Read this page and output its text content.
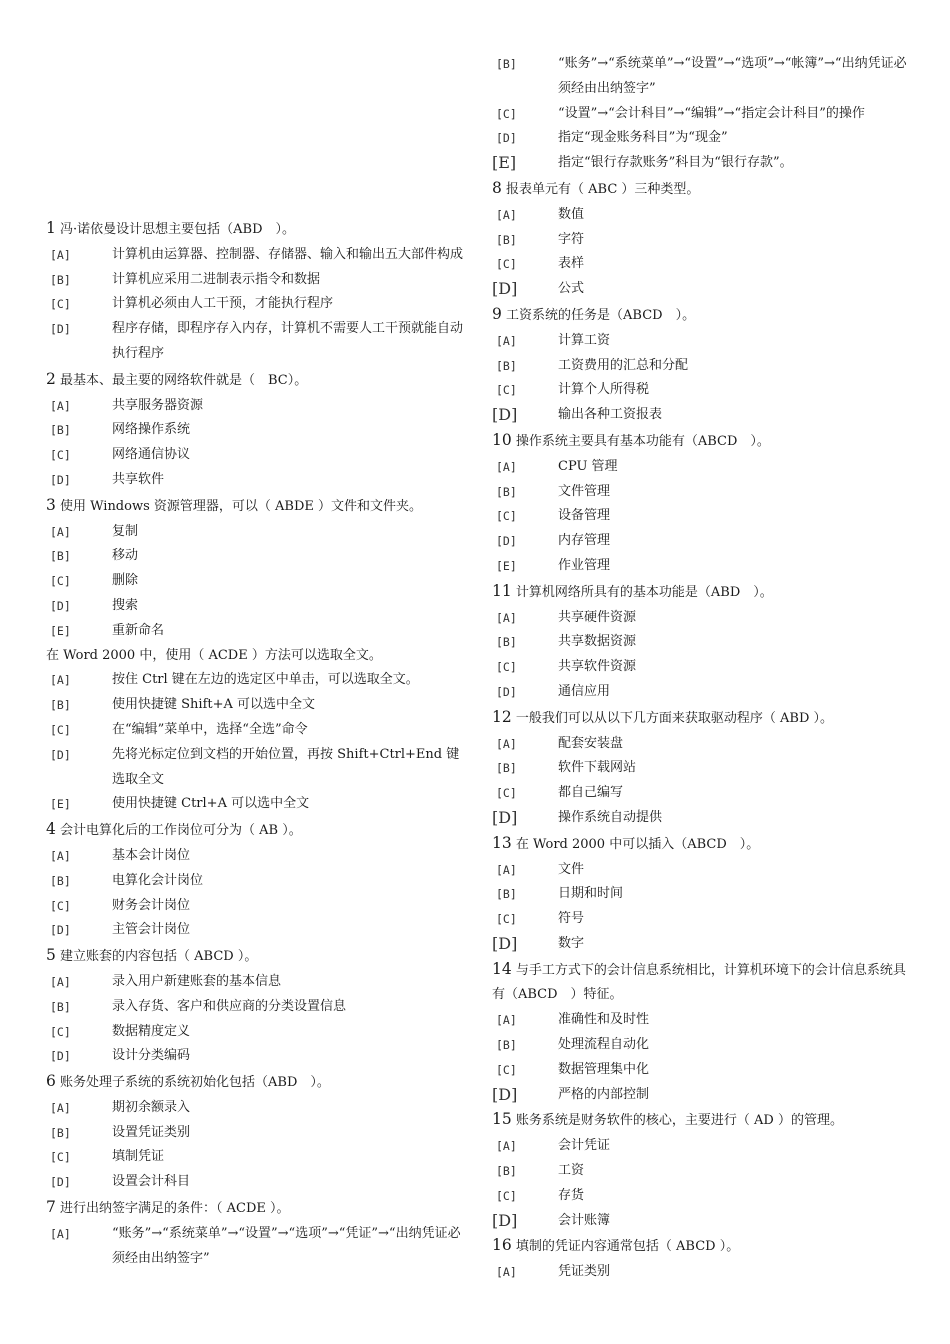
1 冯·诺依曼设计思想主要包括（ABD　）。
[A]	计算机由运算器、控制器、存储器、输入和输出五大部件构成
[B]	计算机应采用二进制表示指令和数据
[C]	计算机必须由人工干预，才能执行程序
[D]	程序存储，即程序存入内存，计算机不需要人工干预就能自动执行程序
2 最基本、最主要的网络软件就是（　BC）。
[A]	共享服务器资源
[B]	网络操作系统
[C]	网络通信协议
[D]	共享软件
3 使用 Windows 资源管理器，可以（ ABDE ）文件和文件夹。
[A]	复制
[B]	移动
[C]	删除
[D]	搜索
[E]	重新命名
在 Word 2000 中，使用（ ACDE ）方法可以选取全文。
[A]	按住 Ctrl 键在左边的选定区中单击，可以选取全文。
[B]	使用快捷键 Shift+A 可以选中全文
[C]	在“编辑”菜单中，选择“全选”命令
[D]	先将光标定位到文档的开始位置，再按 Shift+Ctrl+End 键选取全文
[E]	使用快捷键 Ctrl+A 可以选中全文
4 会计电算化后的工作岗位可分为（ AB ）。
[A]	基本会计岗位
[B]	电算化会计岗位
[C]	财务会计岗位
[D]	主管会计岗位
5 建立账套的内容包括（ ABCD ）。
[A]	录入用户新建账套的基本信息
[B]	录入存货、客户和供应商的分类设置信息
[C]	数据精度定义
[D]	设计分类编码
6 账务处理子系统的系统初始化包括（ABD　）。
[A]	期初余额录入
[B]	设置凭证类别
[C]	填制凭证
[D]	设置会计科目
7 进行出纳签字满足的条件：（ ACDE ）。
[A]	“账务”→“系统菜单”→“设置”→“选项”→“凭证”→“出纳凭证必须经由出纳签字”
[B]	“账务”→“系统菜单”→“设置”→“选项”→“帐簿”→“出纳凭证必须经由出纳签字”
[C]	“设置”→“会计科目”→“编辑”→“指定会计科目”的操作
[D]	指定“现金账务科目”为“现金”
[E]	指定“银行存款账务”科目为“银行存款”。
8 报表单元有（ ABC ）三种类型。
[A]	数值
[B]	字符
[C]	表样
[D]	公式
9 工资系统的任务是（ABCD　）。
[A]	计算工资
[B]	工资费用的汇总和分配
[C]	计算个人所得税
[D]	输出各种工资报表
10 操作系统主要具有基本功能有（ABCD　）。
[A]	CPU 管理
[B]	文件管理
[C]	设备管理
[D]	内存管理
[E]	作业管理
11 计算机网络所具有的基本功能是（ABD　）。
[A]	共享硬件资源
[B]	共享数据资源
[C]	共享软件资源
[D]	通信应用
12 一般我们可以从以下几方面来获取驱动程序（ ABD ）。
[A]	配套安装盘
[B]	软件下载网站
[C]	都自己编写
[D]	操作系统自动提供
13 在 Word 2000 中可以插入（ABCD　）。
[A]	文件
[B]	日期和时间
[C]	符号
[D]	数字
14 与手工方式下的会计信息系统相比，计算机环境下的会计信息系统具有（ABCD　）特征。
[A]	准确性和及时性
[B]	处理流程自动化
[C]	数据管理集中化
[D]	严格的内部控制
15 账务系统是财务软件的核心，主要进行（ AD ）的管理。
[A]	会计凭证
[B]	工资
[C]	存货
[D]	会计账簿
16 填制的凭证内容通常包括（ ABCD ）。
[A]	凭证类别
